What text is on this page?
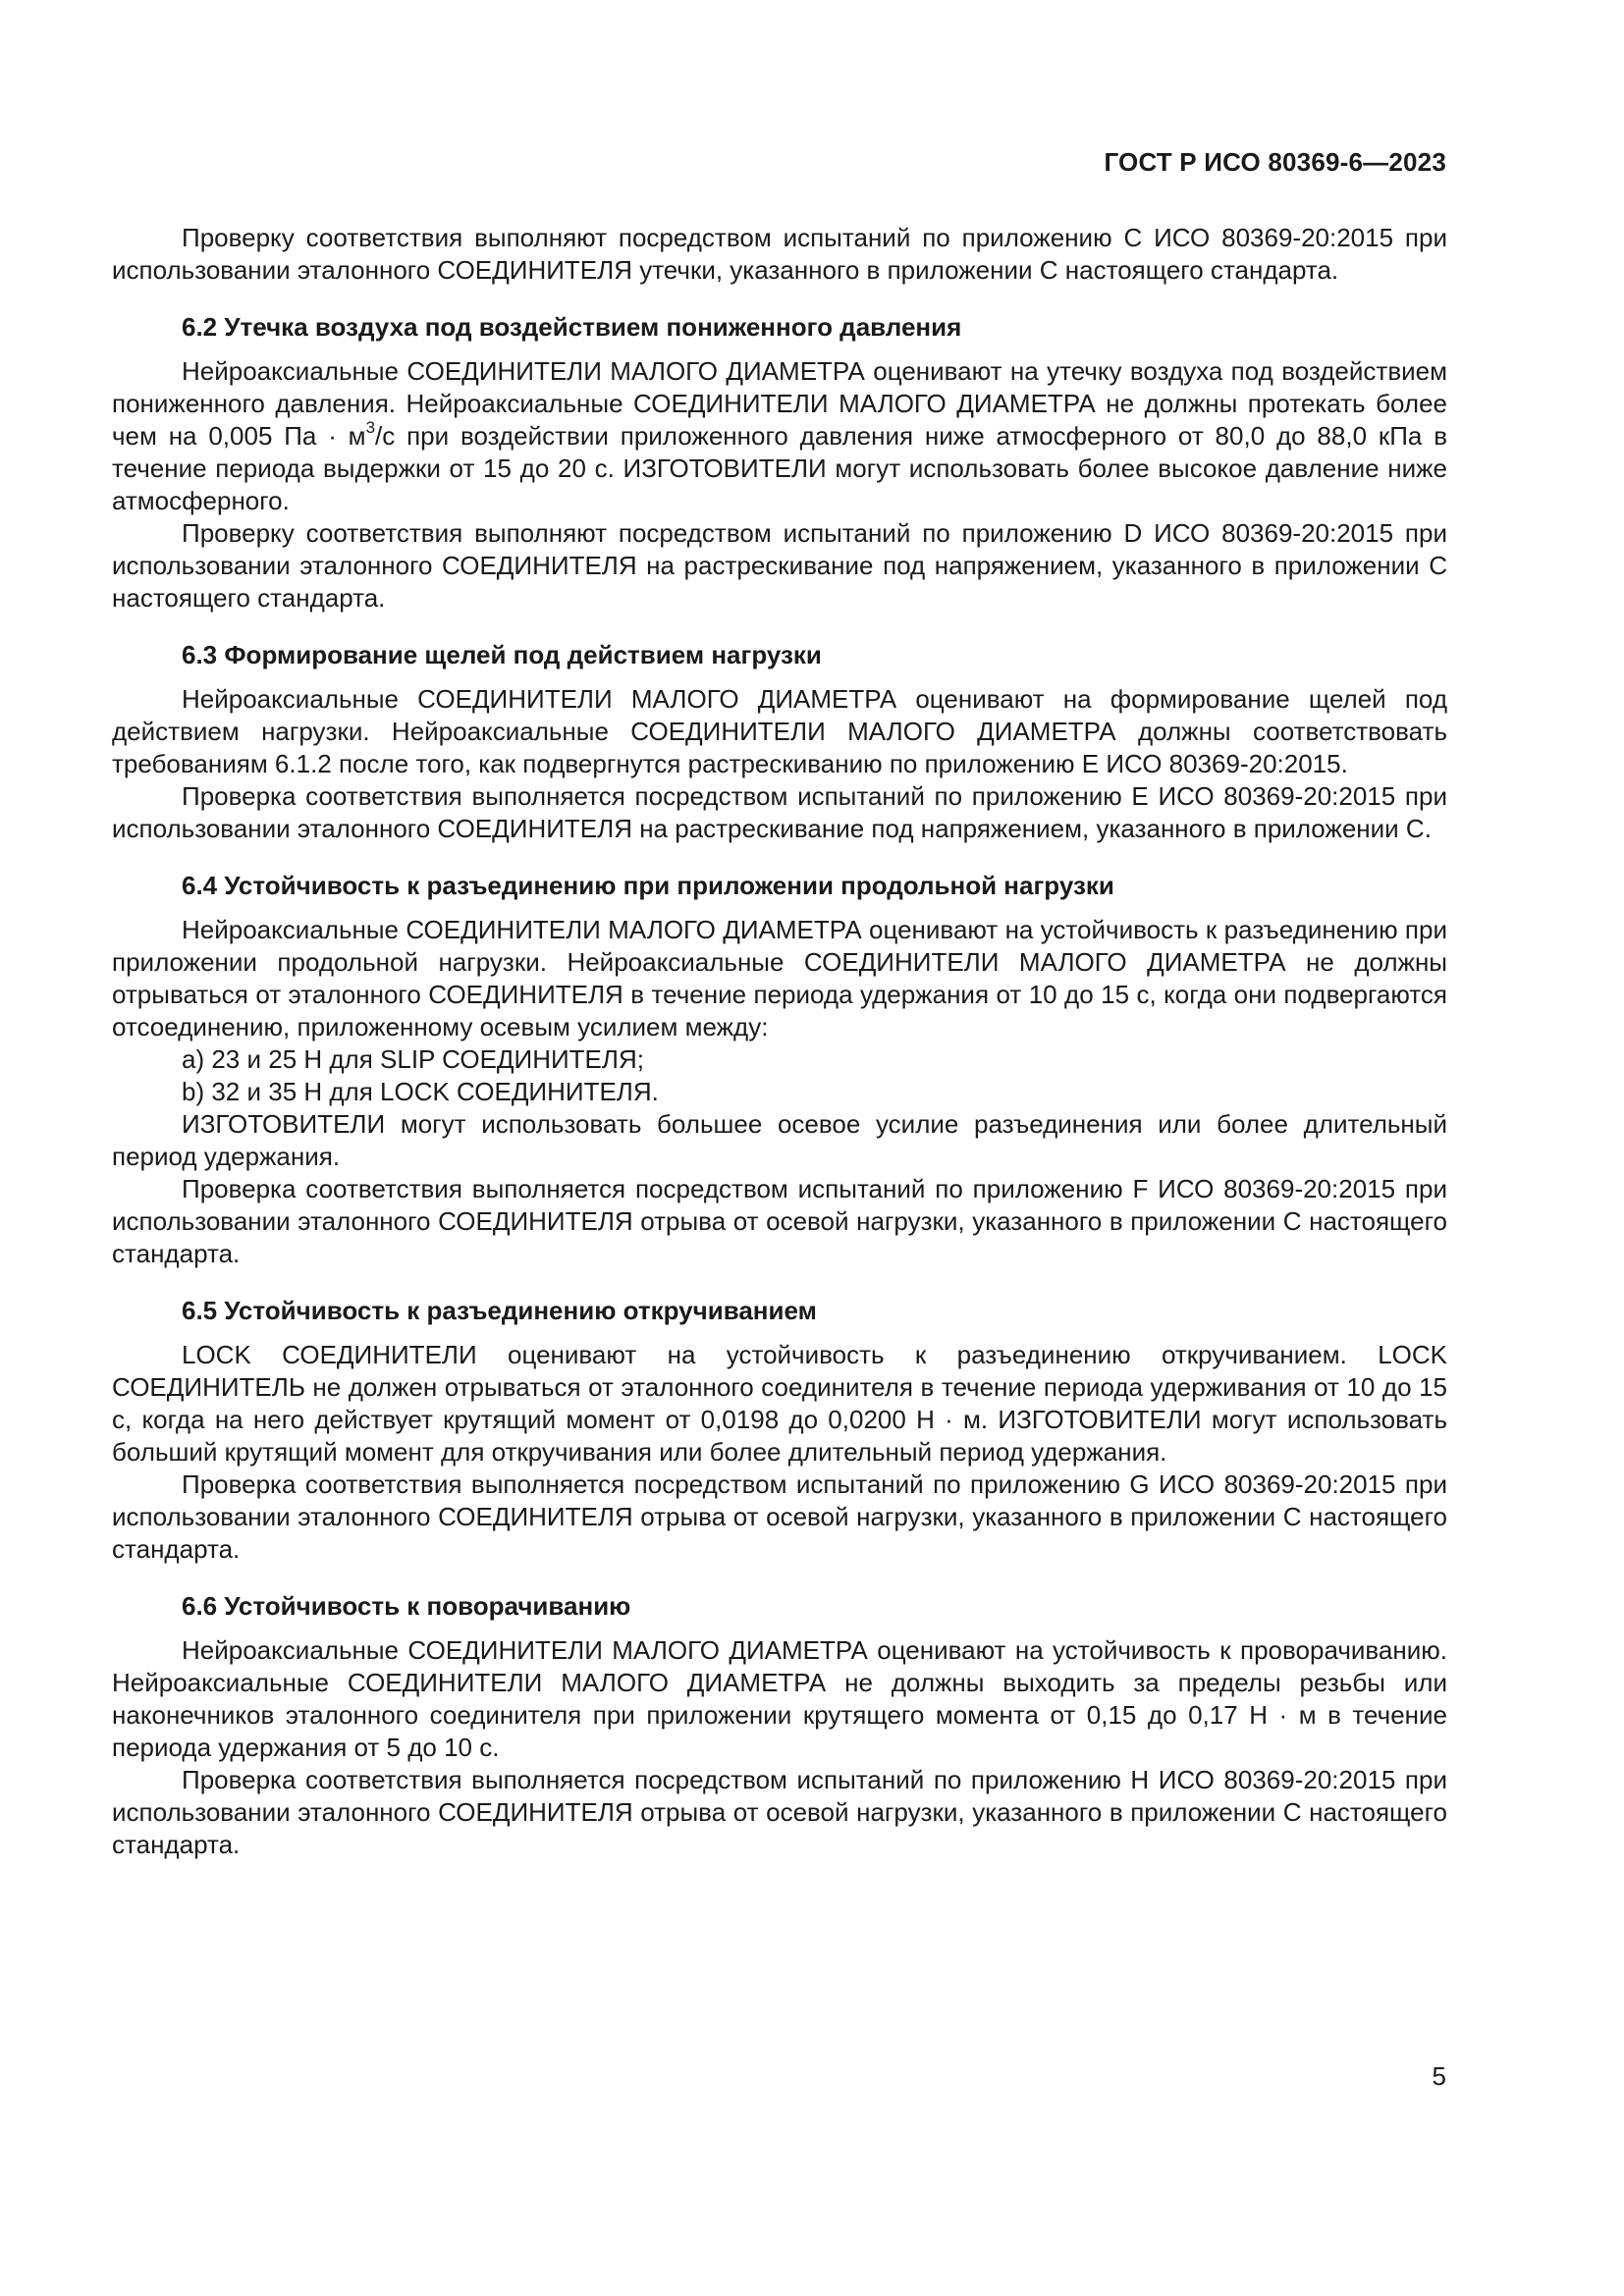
ГОСТ Р ИСО 80369-6—2023

Проверку соответствия выполняют посредством испытаний по приложению С ИСО 80369-20:2015 при использовании эталонного СОЕДИНИТЕЛЯ утечки, указанного в приложении С настоящего стандарта.

6.2 Утечка воздуха под воздействием пониженного давления

Нейроаксиальные СОЕДИНИТЕЛИ МАЛОГО ДИАМЕТРА оценивают на утечку воздуха под воздействием пониженного давления. Нейроаксиальные СОЕДИНИТЕЛИ МАЛОГО ДИАМЕТРА не должны протекать более чем на 0,005 Па · $м^3/с$ при воздействии приложенного давления ниже атмосферного от 80,0 до 88,0 кПа в течение периода выдержки от 15 до 20 с. ИЗГОТОВИТЕЛИ могут использовать более высокое давление ниже атмосферного.

Проверку соответствия выполняют посредством испытаний по приложению D ИСО 80369-20:2015 при использовании эталонного СОЕДИНИТЕЛЯ на растрескивание под напряжением, указанного в приложении С настоящего стандарта.

6.3 Формирование щелей под действием нагрузки

Нейроаксиальные СОЕДИНИТЕЛИ МАЛОГО ДИАМЕТРА оценивают на формирование щелей под действием нагрузки. Нейроаксиальные СОЕДИНИТЕЛИ МАЛОГО ДИАМЕТРА должны соответствовать требованиям 6.1.2 после того, как подвергнутся растрескиванию по приложению Е ИСО 80369-20:2015.

Проверка соответствия выполняется посредством испытаний по приложению Е ИСО 80369-20:2015 при использовании эталонного СОЕДИНИТЕЛЯ на растрескивание под напряжением, указанного в приложении С.

6.4 Устойчивость к разъединению при приложении продольной нагрузки

Нейроаксиальные СОЕДИНИТЕЛИ МАЛОГО ДИАМЕТРА оценивают на устойчивость к разъединению при приложении продольной нагрузки. Нейроаксиальные СОЕДИНИТЕЛИ МАЛОГО ДИАМЕТРА не должны отрываться от эталонного СОЕДИНИТЕЛЯ в течение периода удержания от 10 до 15 с, когда они подвергаются отсоединению, приложенному осевым усилием между:

a) 23 и 25 Н для SLIP СОЕДИНИТЕЛЯ;

b) 32 и 35 Н для LOCK СОЕДИНИТЕЛЯ.

ИЗГОТОВИТЕЛИ могут использовать большее осевое усилие разъединения или более длительный период удержания.

Проверка соответствия выполняется посредством испытаний по приложению F ИСО 80369-20:2015 при использовании эталонного СОЕДИНИТЕЛЯ отрыва от осевой нагрузки, указанного в приложении С настоящего стандарта.

6.5 Устойчивость к разъединению откручиванием

LOCK СОЕДИНИТЕЛИ оценивают на устойчивость к разъединению откручиванием. LOCK СОЕДИНИТЕЛЬ не должен отрываться от эталонного соединителя в течение периода удерживания от 10 до 15 с, когда на него действует крутящий момент от 0,0198 до 0,0200 Н · м. ИЗГОТОВИТЕЛИ могут использовать больший крутящий момент для откручивания или более длительный период удержания.

Проверка соответствия выполняется посредством испытаний по приложению G ИСО 80369-20:2015 при использовании эталонного СОЕДИНИТЕЛЯ отрыва от осевой нагрузки, указанного в приложении С настоящего стандарта.

6.6 Устойчивость к поворачиванию

Нейроаксиальные СОЕДИНИТЕЛИ МАЛОГО ДИАМЕТРА оценивают на устойчивость к проворачиванию. Нейроаксиальные СОЕДИНИТЕЛИ МАЛОГО ДИАМЕТРА не должны выходить за пределы резьбы или наконечников эталонного соединителя при приложении крутящего момента от 0,15 до 0,17 Н · м в течение периода удержания от 5 до 10 с.

Проверка соответствия выполняется посредством испытаний по приложению Н ИСО 80369-20:2015 при использовании эталонного СОЕДИНИТЕЛЯ отрыва от осевой нагрузки, указанного в приложении С настоящего стандарта.

5
